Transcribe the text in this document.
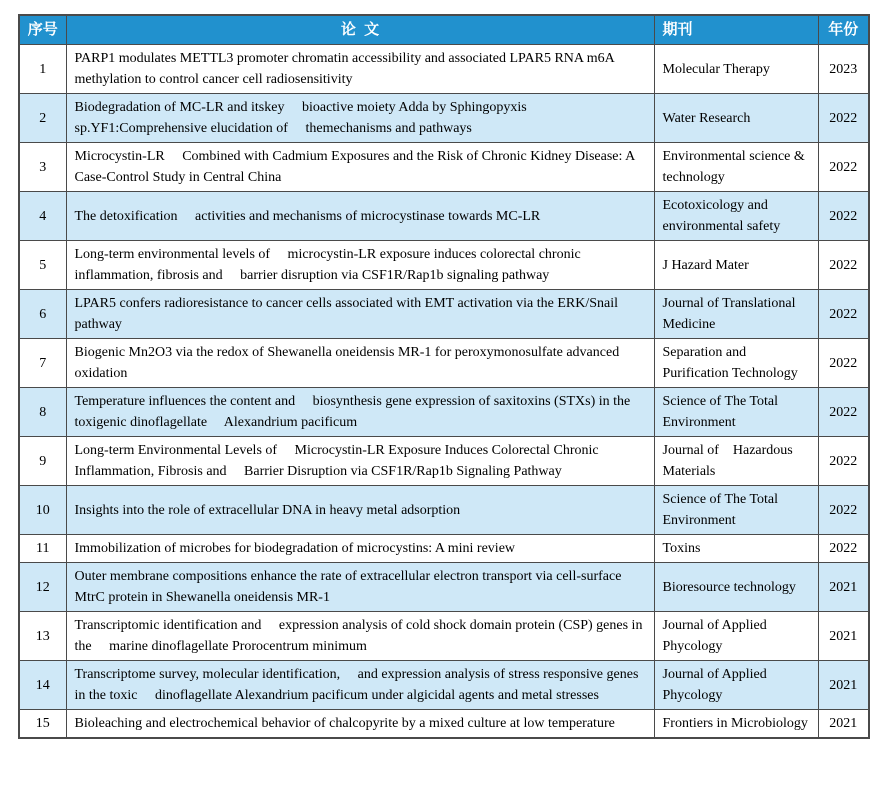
序号	论  文	期刊	年份
1	PARP1 modulates METTL3 promoter chromatin accessibility and associated LPAR5 RNA m6A methylation to control cancer cell radiosensitivity	Molecular Therapy	2023
2	Biodegradation of MC-LR and itskey     bioactive moiety Adda by Sphingopyxis sp.YF1:Comprehensive elucidation of     themechanisms and pathways	Water Research	2022
3	Microcystin-LR     Combined with Cadmium Exposures and the Risk of Chronic Kidney Disease: A     Case-Control Study in Central China	Environmental science & technology	2022
4	The detoxification     activities and mechanisms of microcystinase towards MC-LR	Ecotoxicology and environmental safety	2022
5	Long-term environmental levels of     microcystin-LR exposure induces colorectal chronic inflammation, fibrosis and     barrier disruption via CSF1R/Rap1b signaling pathway	J Hazard Mater	2022
6	LPAR5 confers radioresistance to cancer cells associated with EMT activation via the ERK/Snail pathway	Journal of Translational Medicine	2022
7	Biogenic Mn2O3 via the redox of Shewanella oneidensis MR-1 for peroxymonosulfate advanced oxidation	Separation and Purification Technology	2022
8	Temperature influences the content and     biosynthesis gene expression of saxitoxins (STXs) in the toxigenic dinoflagellate     Alexandrium pacificum	Science of The Total Environment	2022
9	Long-term Environmental Levels of     Microcystin-LR Exposure Induces Colorectal Chronic Inflammation, Fibrosis and     Barrier Disruption via CSF1R/Rap1b Signaling Pathway	Journal of    Hazardous Materials	2022
10	Insights into the role of extracellular DNA in heavy metal adsorption	Science of The Total Environment	2022
11	Immobilization of microbes for biodegradation of microcystins: A mini review	Toxins	2022
12	Outer membrane compositions enhance the rate of extracellular electron transport via cell-surface MtrC protein in Shewanella oneidensis MR-1	Bioresource technology	2021
13	Transcriptomic identification and     expression analysis of cold shock domain protein (CSP) genes in the     marine dinoflagellate Prorocentrum minimum	Journal of Applied Phycology	2021
14	Transcriptome survey, molecular identification,     and expression analysis of stress responsive genes in the toxic     dinoflagellate Alexandrium pacificum under algicidal agents and metal stresses	Journal of Applied Phycology	2021
15	Bioleaching and electrochemical behavior of chalcopyrite by a mixed culture at low temperature	Frontiers in Microbiology	2021
